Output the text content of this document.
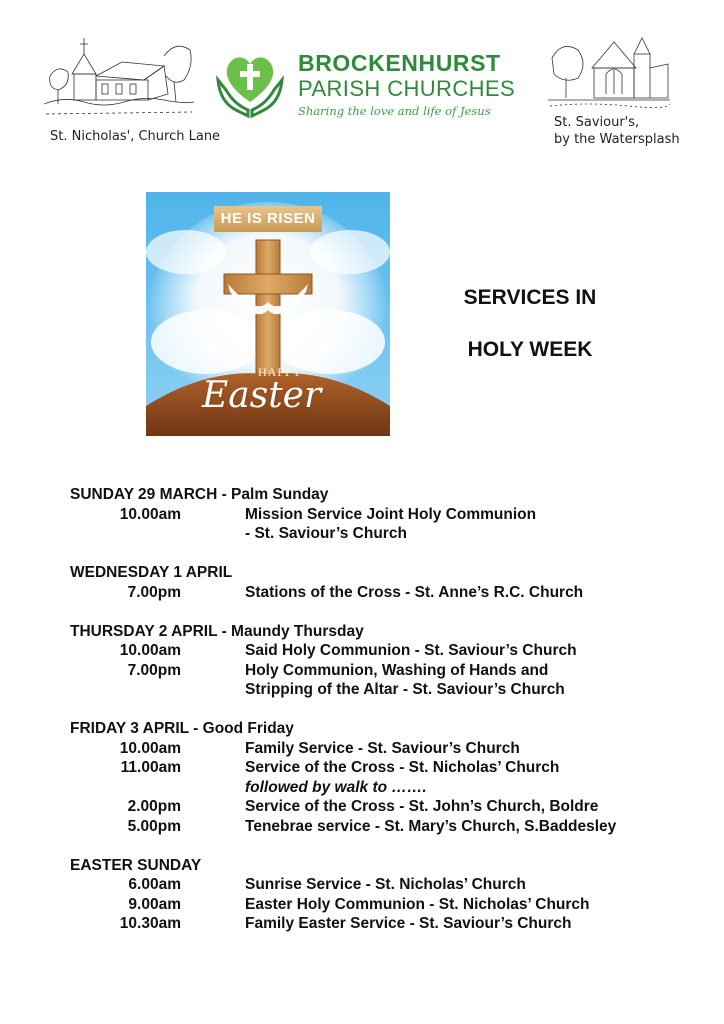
St. Nicholas', Church Lane
BROCKENHURST
PARISH CHURCHES
Sharing the love and life of Jesus
St. Saviour's,
by the Watersplash
HE IS RISEN
HAPPY
Easter
SERVICES IN
HOLY WEEK
SUNDAY 29 MARCH - Palm Sunday
10.00am	Mission Service Joint Holy Communion
- St. Saviour’s Church
WEDNESDAY 1 APRIL
7.00pm	Stations of the Cross - St. Anne’s R.C. Church
THURSDAY 2 APRIL - Maundy Thursday
10.00am	Said Holy Communion - St. Saviour’s Church
7.00pm	Holy Communion, Washing of Hands and
Stripping of the Altar - St. Saviour’s Church
FRIDAY 3 APRIL - Good Friday
10.00am	Family Service - St. Saviour’s Church
11.00am	Service of the Cross - St. Nicholas’ Church
followed by walk to …….
2.00pm	Service of the Cross - St. John’s Church, Boldre
5.00pm	Tenebrae service - St. Mary’s Church, S.Baddesley
EASTER SUNDAY
6.00am	Sunrise Service - St. Nicholas’ Church
9.00am	Easter Holy Communion - St. Nicholas’ Church
10.30am	Family Easter Service - St. Saviour’s Church
